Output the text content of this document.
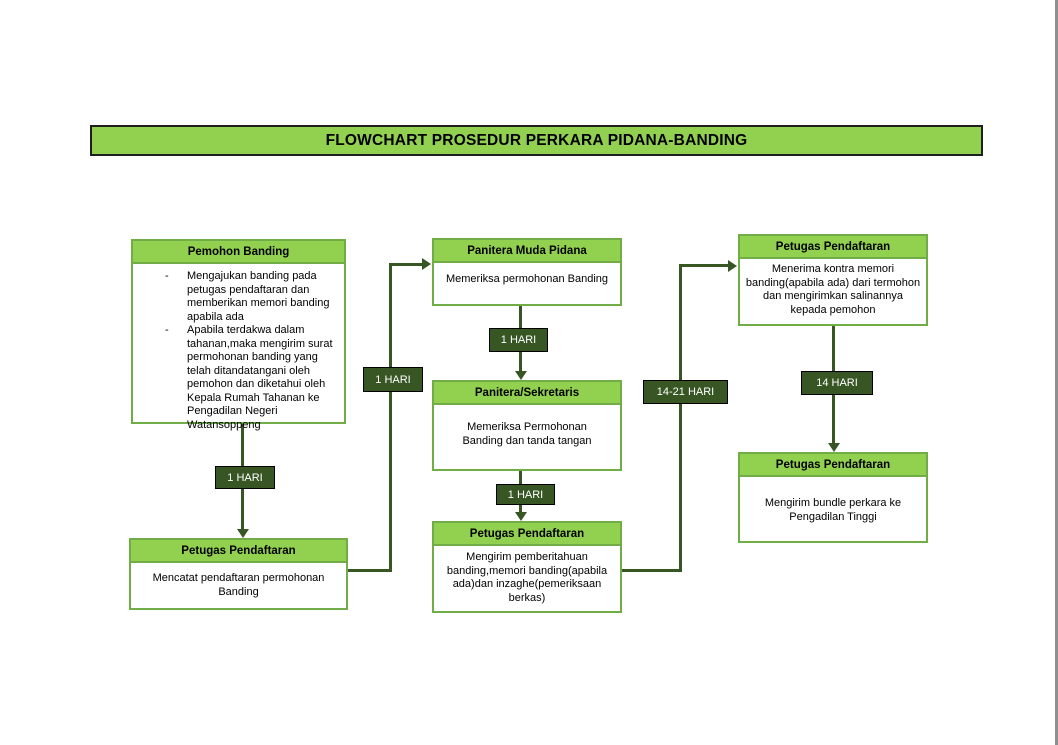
FLOWCHART PROSEDUR PERKARA PIDANA-BANDING
1 HARI
1 HARI
1 HARI
1 HARI
14-21 HARI
14 HARI
Pemohon Banding
-	Mengajukan banding pada petugas pendaftaran dan memberikan memori banding apabila ada
-	Apabila terdakwa dalam tahanan,maka mengirim surat permohonan banding yang telah ditandatangani oleh pemohon dan diketahui oleh Kepala Rumah Tahanan ke Pengadilan Negeri Watansoppeng
Petugas Pendaftaran
Mencatat pendaftaran permohonan Banding
Panitera Muda Pidana
Memeriksa permohonan Banding
Panitera/Sekretaris
Memeriksa Permohonan Banding dan tanda tangan
Petugas Pendaftaran
Mengirim pemberitahuan banding,memori banding(apabila ada)dan inzaghe(pemeriksaan berkas)
Petugas Pendaftaran
Menerima kontra memori banding(apabila ada) dari termohon dan mengirimkan salinannya kepada pemohon
Petugas Pendaftaran
Mengirim bundle perkara ke Pengadilan Tinggi
